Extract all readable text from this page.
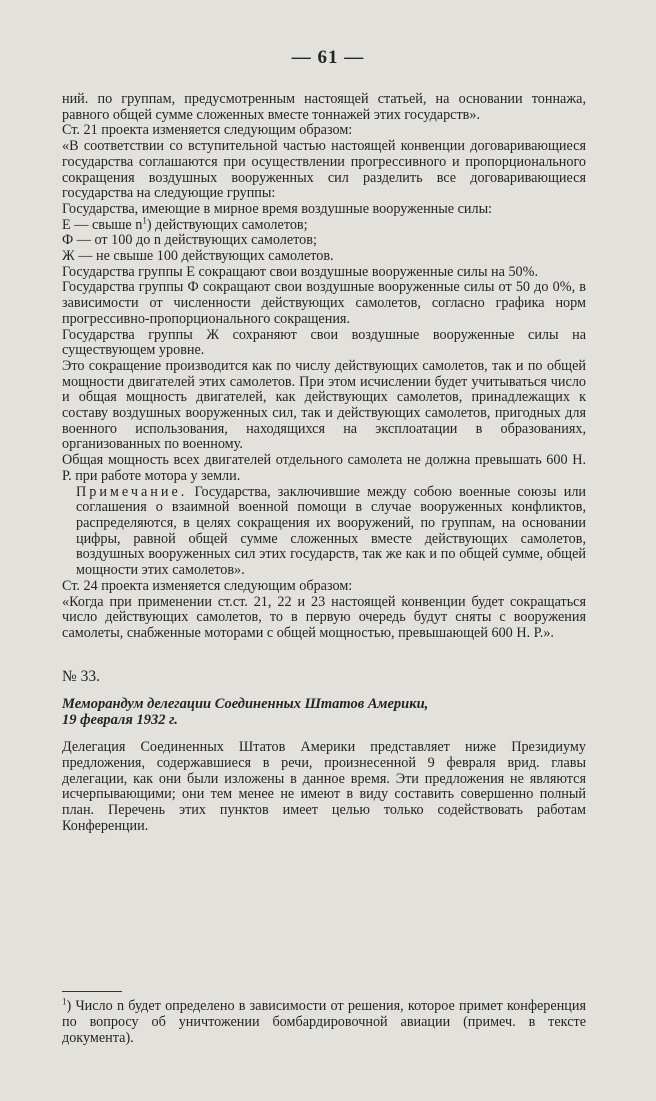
— 61 —

ний. по группам, предусмотренным настоящей статьей, на основании тоннажа, равного общей сумме сложенных вместе тоннажей этих государств».

Ст. 21 проекта изменяется следующим образом:

«В соответствии со вступительной частью настоящей конвенции договаривающиеся государства соглашаются при осуществлении прогрессивного и пропорционального сокращения воздушных вооруженных сил разделить все договаривающиеся государства на следующие группы:

Государства, имеющие в мирное время воздушные вооруженные силы:

Е — свыше $n^1$) действующих самолетов;

Ф — от 100 до n действующих самолетов;

Ж — не свыше 100 действующих самолетов.

Государства группы Е сокращают свои воздушные вооруженные силы на 50%.

Государства группы Ф сокращают свои воздушные вооруженные силы от 50 до 0%, в зависимости от численности действующих самолетов, согласно графика норм прогрессивно-пропорционального сокращения.

Государства группы Ж сохраняют свои воздушные вооруженные силы на существующем уровне.

Это сокращение производится как по числу действующих самолетов, так и по общей мощности двигателей этих самолетов. При этом исчислении будет учитываться число и общая мощность двигателей, как действующих самолетов, принадлежащих к составу воздушных вооруженных сил, так и действующих самолетов, пригодных для военного использования, находящихся на эксплоатации в образованиях, организованных по военному.

Общая мощность всех двигателей отдельного самолета не должна превышать 600 Н. Р. при работе мотора у земли.

Примечание. Государства, заключившие между собою военные союзы или соглашения о взаимной военной помощи в случае вооруженных конфликтов, распределяются, в целях сокращения их вооружений, по группам, на основании цифры, равной общей сумме сложенных вместе действующих самолетов, воздушных вооруженных сил этих государств, так же как и по общей сумме, общей мощности этих самолетов».

Ст. 24 проекта изменяется следующим образом:

«Когда при применении ст.ст. 21, 22 и 23 настоящей конвенции будет сокращаться число действующих самолетов, то в первую очередь будут сняты с вооружения самолеты, снабженные моторами с общей мощностью, превышающей 600 Н. Р.».

№ 33.

Меморандум делегации Соединенных Штатов Америки,

19 февраля 1932 г.

Делегация Соединенных Штатов Америки представляет ниже Президиуму предложения, содержавшиеся в речи, произнесенной 9 февраля врид. главы делегации, как они были изложены в данное время. Эти предложения не являются исчерпывающими; они тем менее не имеют в виду составить совершенно полный план. Перечень этих пунктов имеет целью только содействовать работам Конференции.

$^1$) Число n будет определено в зависимости от решения, которое примет конференция по вопросу об уничтожении бомбардировочной авиации (примеч. в тексте документа).
